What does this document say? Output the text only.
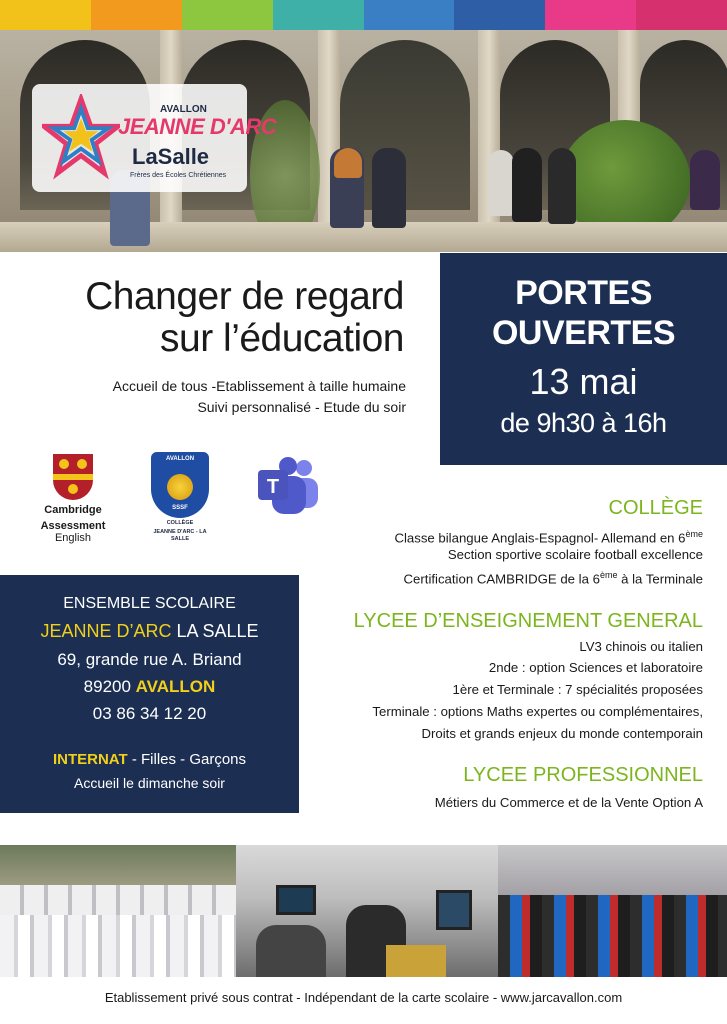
AVALLON
JEANNE D'ARC
LaSalle
Frères des Écoles Chrétiennes
Changer de regard
sur l’éducation
Accueil de tous -Etablissement à taille humaine
Suivi personnalisé - Etude du soir
PORTES
OUVERTES
13 mai
de 9h30 à 16h
Cambridge
Assessment
English
AVALLON
SSSF
COLLÈGE
JEANNE D'ARC - LA SALLE
T
COLLÈGE
Classe bilangue Anglais-Espagnol- Allemand en 6ème
Section sportive scolaire football excellence
Certification CAMBRIDGE de la 6ème à la Terminale
LYCEE D’ENSEIGNEMENT GENERAL
LV3 chinois ou italien
2nde : option Sciences et laboratoire
1ère et Terminale : 7 spécialités proposées
Terminale : options Maths expertes ou complémentaires,
Droits et grands enjeux du monde contemporain
LYCEE PROFESSIONNEL
Métiers du Commerce et de la Vente Option A
ENSEMBLE SCOLAIRE
JEANNE D’ARC LA SALLE
69, grande rue A. Briand
89200 AVALLON
03 86 34 12 20
INTERNAT - Filles - Garçons
Accueil le dimanche soir
Etablissement privé sous contrat - Indépendant de la carte scolaire - www.jarcavallon.com
